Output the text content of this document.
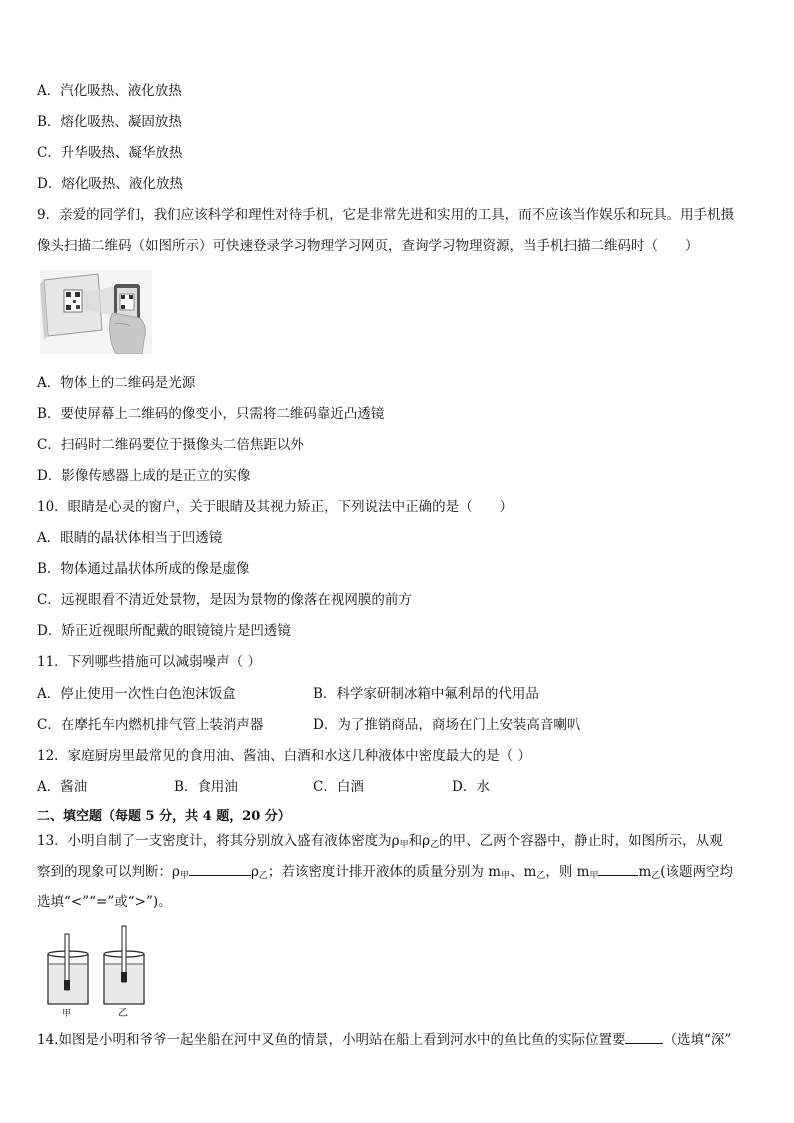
A．汽化吸热、液化放热
B．熔化吸热、凝固放热
C．升华吸热、凝华放热
D．熔化吸热、液化放热
9．亲爱的同学们，我们应该科学和理性对待手机，它是非常先进和实用的工具，而不应该当作娱乐和玩具。用手机摄
像头扫描二维码（如图所示）可快速登录学习物理学习网页，查询学习物理资源，当手机扫描二维码时（　　）
A．物体上的二维码是光源
B．要使屏幕上二维码的像变小，只需将二维码靠近凸透镜
C．扫码时二维码要位于摄像头二倍焦距以外
D．影像传感器上成的是正立的实像
10．眼睛是心灵的窗户，关于眼睛及其视力矫正，下列说法中正确的是（　　）
A．眼睛的晶状体相当于凹透镜
B．物体通过晶状体所成的像是虚像
C．远视眼看不清近处景物，是因为景物的像落在视网膜的前方
D．矫正近视眼所配戴的眼镜镜片是凹透镜
11．下列哪些措施可以减弱噪声（ ）
A．停止使用一次性白色泡沫饭盒	B．科学家研制冰箱中氟利昂的代用品
C．在摩托车内燃机排气管上装消声器	D．为了推销商品，商场在门上安装高音喇叭
12．家庭厨房里最常见的食用油、酱油、白酒和水这几种液体中密度最大的是（ ）
A．酱油	B．食用油	C．白酒	D．水
二、填空题（每题 5 分，共 4 题，20 分）
13．小明自制了一支密度计，将其分别放入盛有液体密度为$\rho_甲$和$\rho_乙$的甲、乙两个容器中，静止时，如图所示，从观
察到的现象可以判断：$\rho_甲$	$\rho_乙$；若该密度计排开液体的质量分别为 $m_甲$、$m_乙$，则 $m_甲$	$m_乙$(该题两空均
选填“<”“=”或“>”)。
甲	乙
14.如图是小明和爷爷一起坐船在河中叉鱼的情景，小明站在船上看到河水中的鱼比鱼的实际位置要	（选填“深”
